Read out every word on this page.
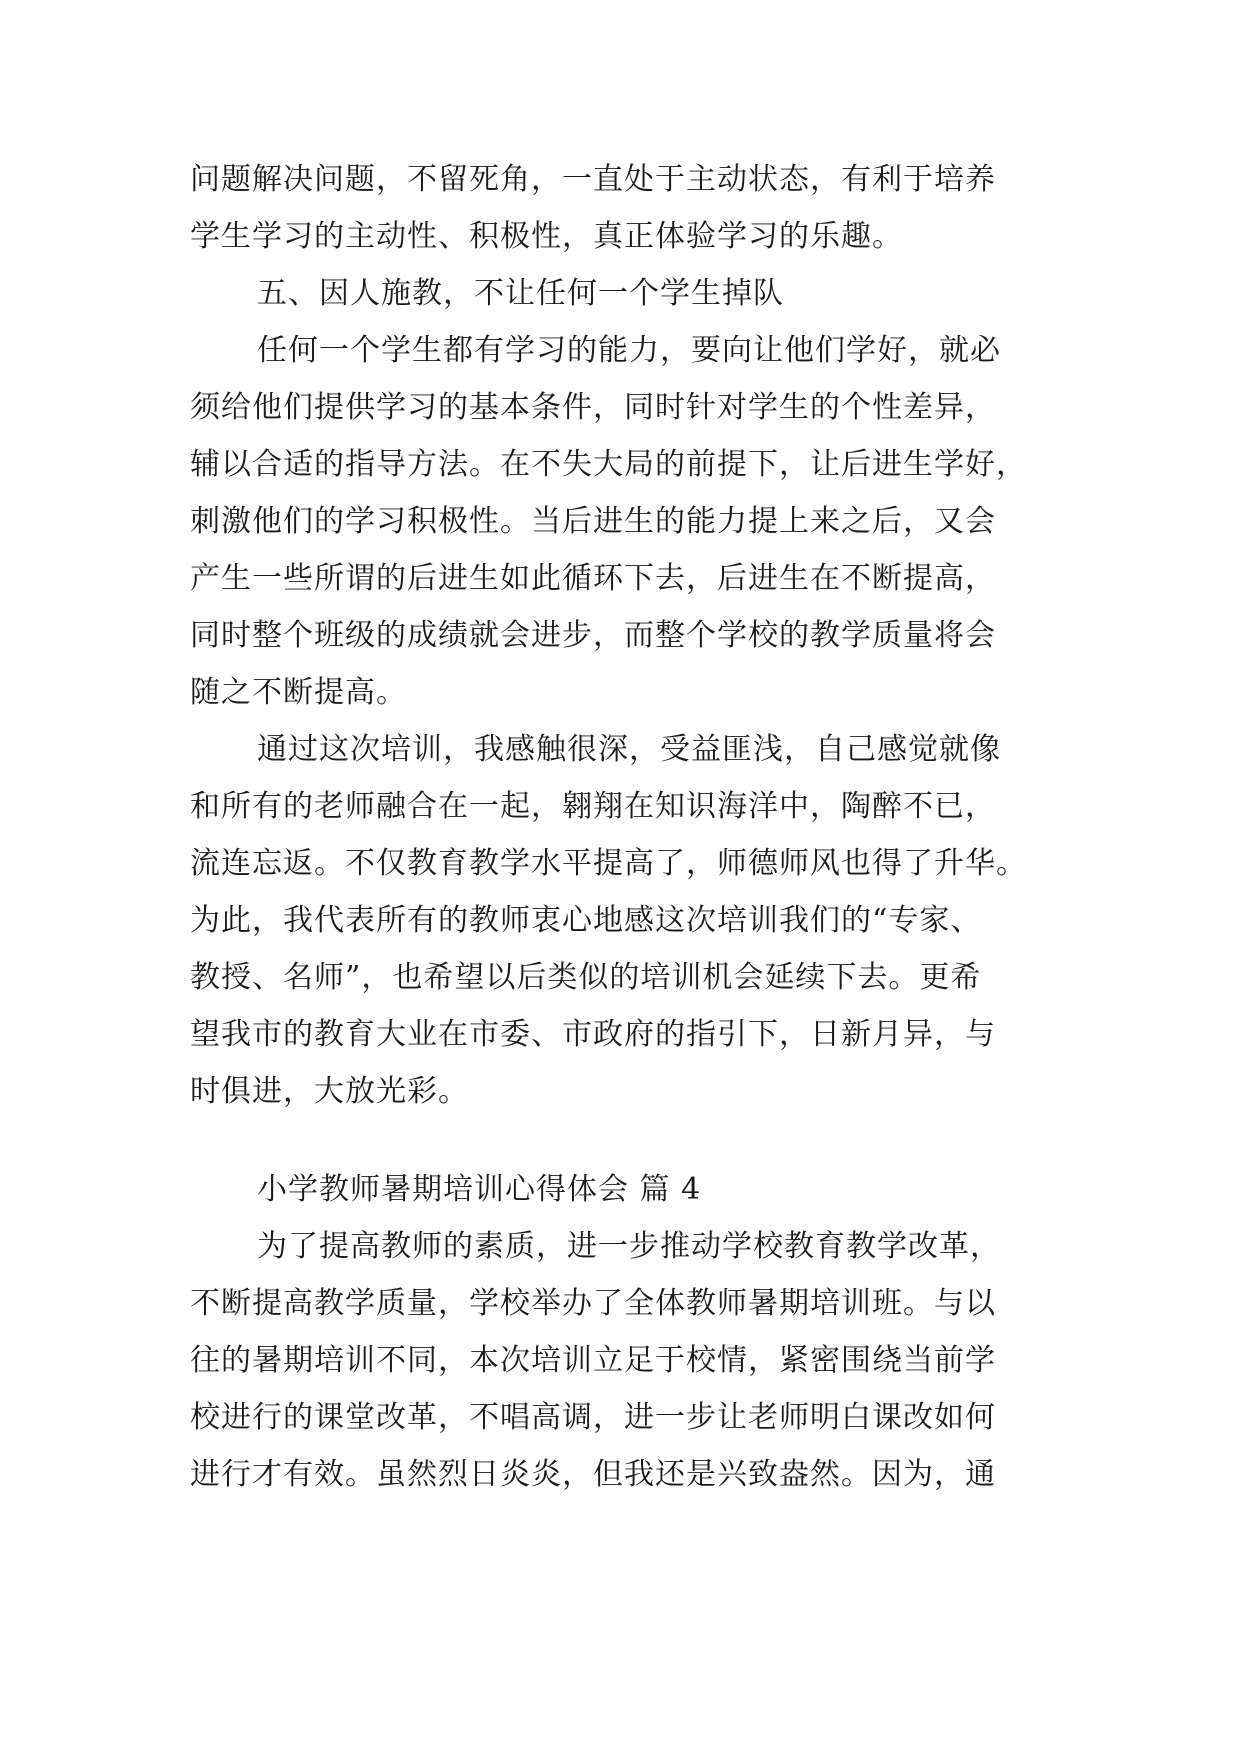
问题解决问题，不留死角，一直处于主动状态，有利于培养
学生学习的主动性、积极性，真正体验学习的乐趣。
五、因人施教，不让任何一个学生掉队
任何一个学生都有学习的能力，要向让他们学好，就必
须给他们提供学习的基本条件，同时针对学生的个性差异，
辅以合适的指导方法。在不失大局的前提下，让后进生学好，
刺激他们的学习积极性。当后进生的能力提上来之后，又会
产生一些所谓的后进生如此循环下去，后进生在不断提高，
同时整个班级的成绩就会进步，而整个学校的教学质量将会
随之不断提高。
通过这次培训，我感触很深，受益匪浅，自己感觉就像
和所有的老师融合在一起，翱翔在知识海洋中，陶醉不已，
流连忘返。不仅教育教学水平提高了，师德师风也得了升华。
为此，我代表所有的教师衷心地感这次培训我们的“专家、
教授、名师”，也希望以后类似的培训机会延续下去。更希
望我市的教育大业在市委、市政府的指引下，日新月异，与
时俱进，大放光彩。
小学教师暑期培训心得体会 篇 4
为了提高教师的素质，进一步推动学校教育教学改革，
不断提高教学质量，学校举办了全体教师暑期培训班。与以
往的暑期培训不同，本次培训立足于校情，紧密围绕当前学
校进行的课堂改革，不唱高调，进一步让老师明白课改如何
进行才有效。虽然烈日炎炎，但我还是兴致盎然。因为，通
